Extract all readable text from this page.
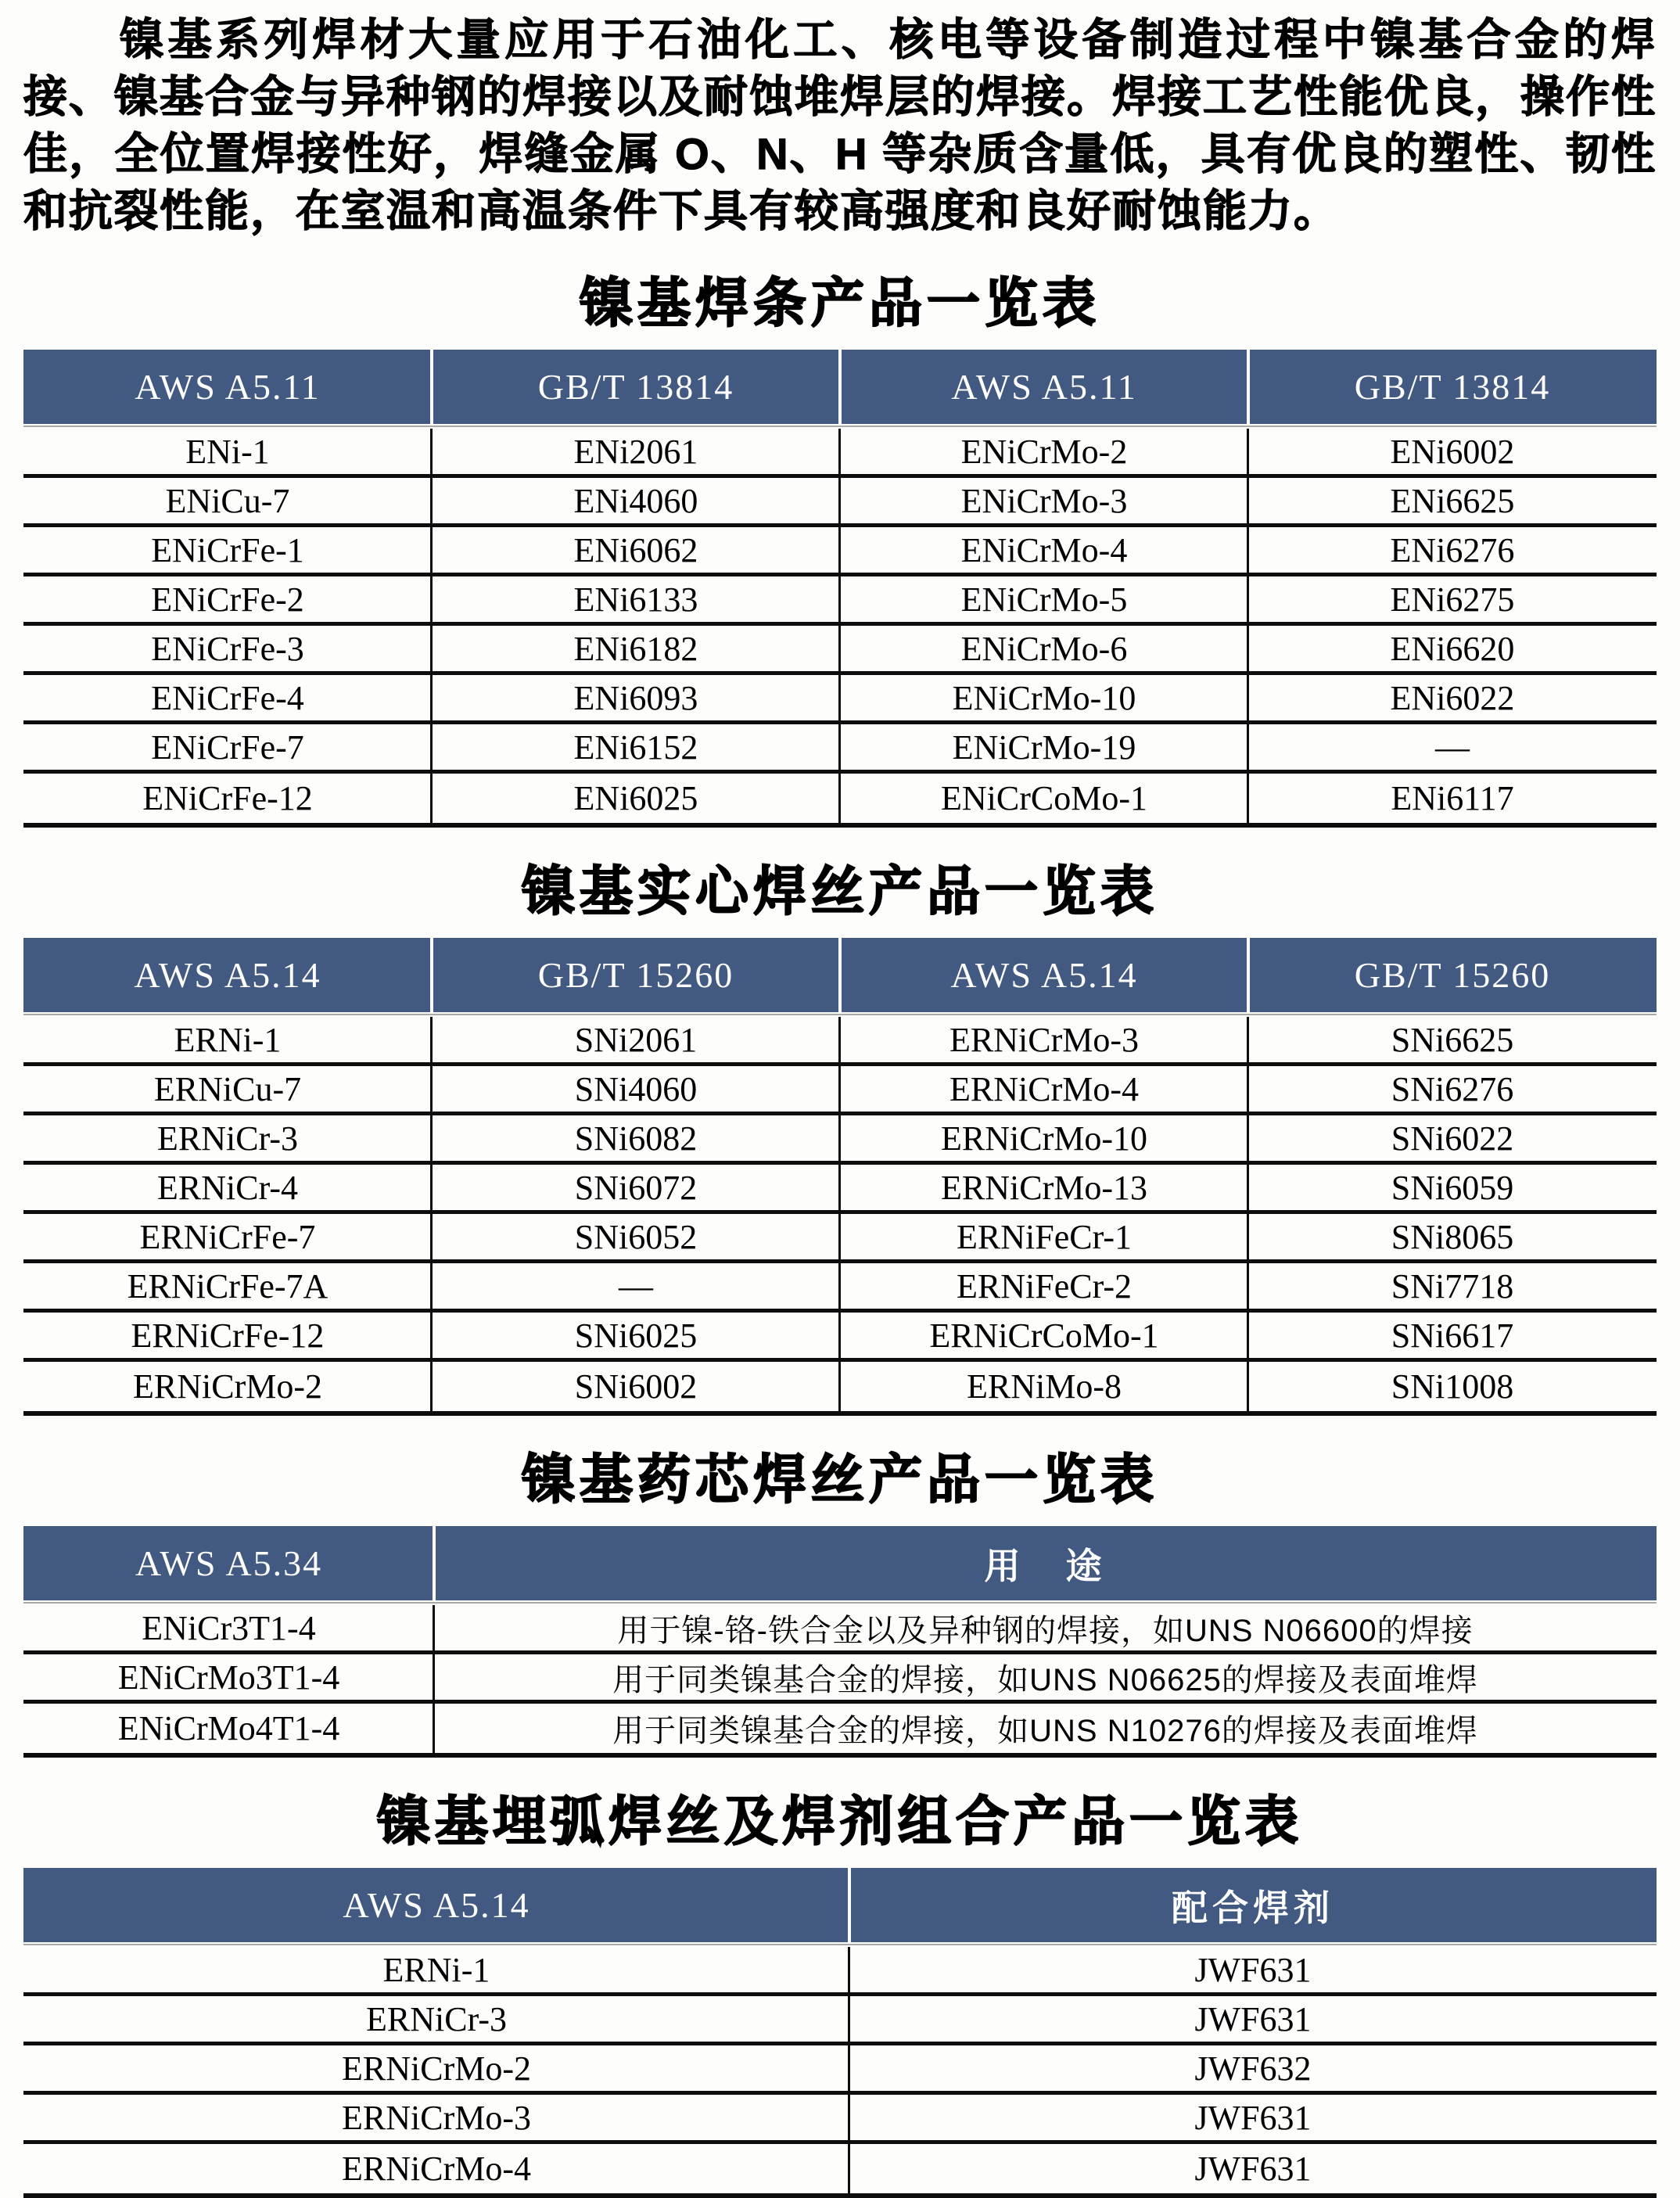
镍基系列焊材大量应用于石油化工、核电等设备制造过程中镍基合金的焊接、镍基合金与异种钢的焊接以及耐蚀堆焊层的焊接。焊接工艺性能优良，操作性佳，全位置焊接性好，焊缝金属 O、N、H 等杂质含量低，具有优良的塑性、韧性和抗裂性能，在室温和高温条件下具有较高强度和良好耐蚀能力。

镍基焊条产品一览表
AWS A5.11	GB/T 13814	AWS A5.11	GB/T 13814
ENi-1	ENi2061	ENiCrMo-2	ENi6002
ENiCu-7	ENi4060	ENiCrMo-3	ENi6625
ENiCrFe-1	ENi6062	ENiCrMo-4	ENi6276
ENiCrFe-2	ENi6133	ENiCrMo-5	ENi6275
ENiCrFe-3	ENi6182	ENiCrMo-6	ENi6620
ENiCrFe-4	ENi6093	ENiCrMo-10	ENi6022
ENiCrFe-7	ENi6152	ENiCrMo-19	—
ENiCrFe-12	ENi6025	ENiCrCoMo-1	ENi6117
镍基实心焊丝产品一览表
AWS A5.14	GB/T 15260	AWS A5.14	GB/T 15260
ERNi-1	SNi2061	ERNiCrMo-3	SNi6625
ERNiCu-7	SNi4060	ERNiCrMo-4	SNi6276
ERNiCr-3	SNi6082	ERNiCrMo-10	SNi6022
ERNiCr-4	SNi6072	ERNiCrMo-13	SNi6059
ERNiCrFe-7	SNi6052	ERNiFeCr-1	SNi8065
ERNiCrFe-7A	—	ERNiFeCr-2	SNi7718
ERNiCrFe-12	SNi6025	ERNiCrCoMo-1	SNi6617
ERNiCrMo-2	SNi6002	ERNiMo-8	SNi1008
镍基药芯焊丝产品一览表
AWS A5.34	用　途
ENiCr3T1-4	用于镍-铬-铁合金以及异种钢的焊接，如UNS N06600的焊接
ENiCrMo3T1-4	用于同类镍基合金的焊接，如UNS N06625的焊接及表面堆焊
ENiCrMo4T1-4	用于同类镍基合金的焊接，如UNS N10276的焊接及表面堆焊
镍基埋弧焊丝及焊剂组合产品一览表
AWS A5.14	配合焊剂
ERNi-1	JWF631
ERNiCr-3	JWF631
ERNiCrMo-2	JWF632
ERNiCrMo-3	JWF631
ERNiCrMo-4	JWF631
